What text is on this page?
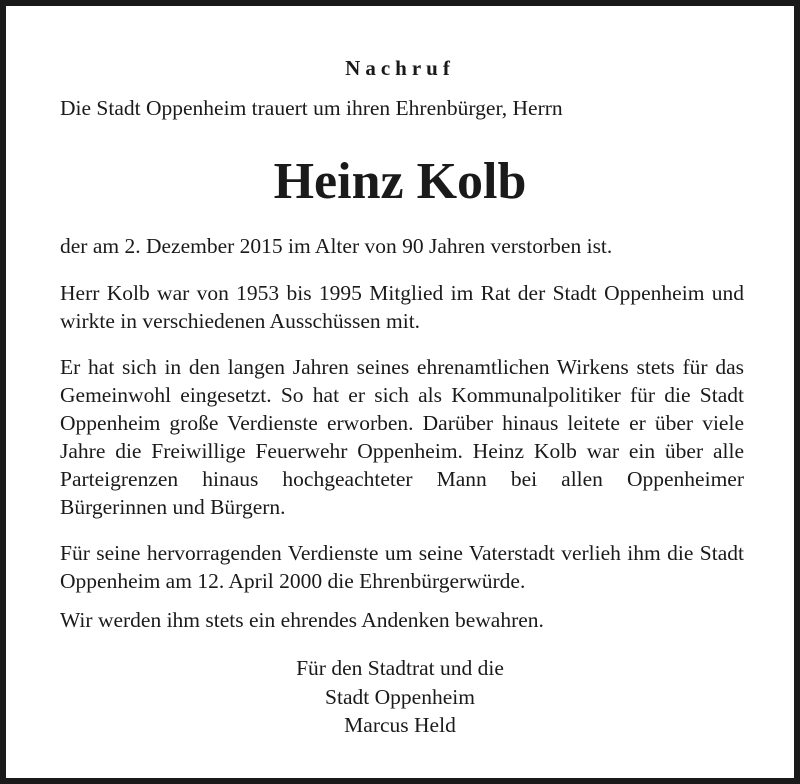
Nachruf
Die Stadt Oppenheim trauert um ihren Ehrenbürger, Herrn
Heinz Kolb
der am 2. Dezember 2015 im Alter von 90 Jahren verstorben ist.
Herr Kolb war von 1953 bis 1995 Mitglied im Rat der Stadt Oppenheim und wirkte in verschiedenen Ausschüssen mit.
Er hat sich in den langen Jahren seines ehrenamtlichen Wirkens stets für das Gemeinwohl eingesetzt. So hat er sich als Kommunalpolitiker für die Stadt Oppenheim große Verdienste erworben. Darüber hinaus leitete er über viele Jahre die Freiwillige Feuerwehr Oppenheim. Heinz Kolb war ein über alle Parteigrenzen hinaus hochgeachteter Mann bei allen Oppenheimer Bürgerinnen und Bürgern.
Für seine hervorragenden Verdienste um seine Vaterstadt verlieh ihm die Stadt Oppenheim am 12. April 2000 die Ehrenbürgerwürde.
Wir werden ihm stets ein ehrendes Andenken bewahren.
Für den Stadtrat und die
Stadt Oppenheim
Marcus Held
